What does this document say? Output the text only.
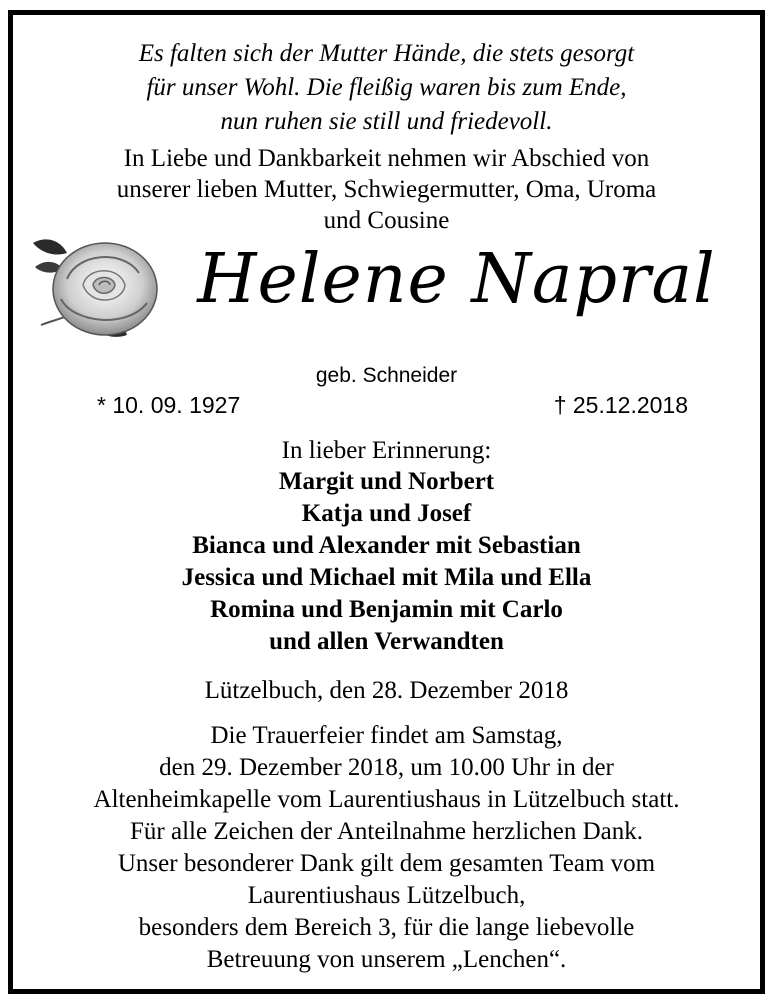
Es falten sich der Mutter Hände, die stets gesorgt
für unser Wohl. Die fleißig waren bis zum Ende,
nun ruhen sie still und friedevoll.
In Liebe und Dankbarkeit nehmen wir Abschied von
unserer lieben Mutter, Schwiegermutter, Oma, Uroma
und Cousine
Helene Napral
geb. Schneider
* 10. 09. 1927	† 25.12.2018
In lieber Erinnerung:
Margit und Norbert
Katja und Josef
Bianca und Alexander mit Sebastian
Jessica und Michael mit Mila und Ella
Romina und Benjamin mit Carlo
und allen Verwandten
Lützelbuch, den 28. Dezember 2018
Die Trauerfeier findet am Samstag,
den 29. Dezember 2018, um 10.00 Uhr in der
Altenheimkapelle vom Laurentiushaus in Lützelbuch statt.
Für alle Zeichen der Anteilnahme herzlichen Dank.
Unser besonderer Dank gilt dem gesamten Team vom
Laurentiushaus Lützelbuch,
besonders dem Bereich 3, für die lange liebevolle
Betreuung von unserem „Lenchen“.
